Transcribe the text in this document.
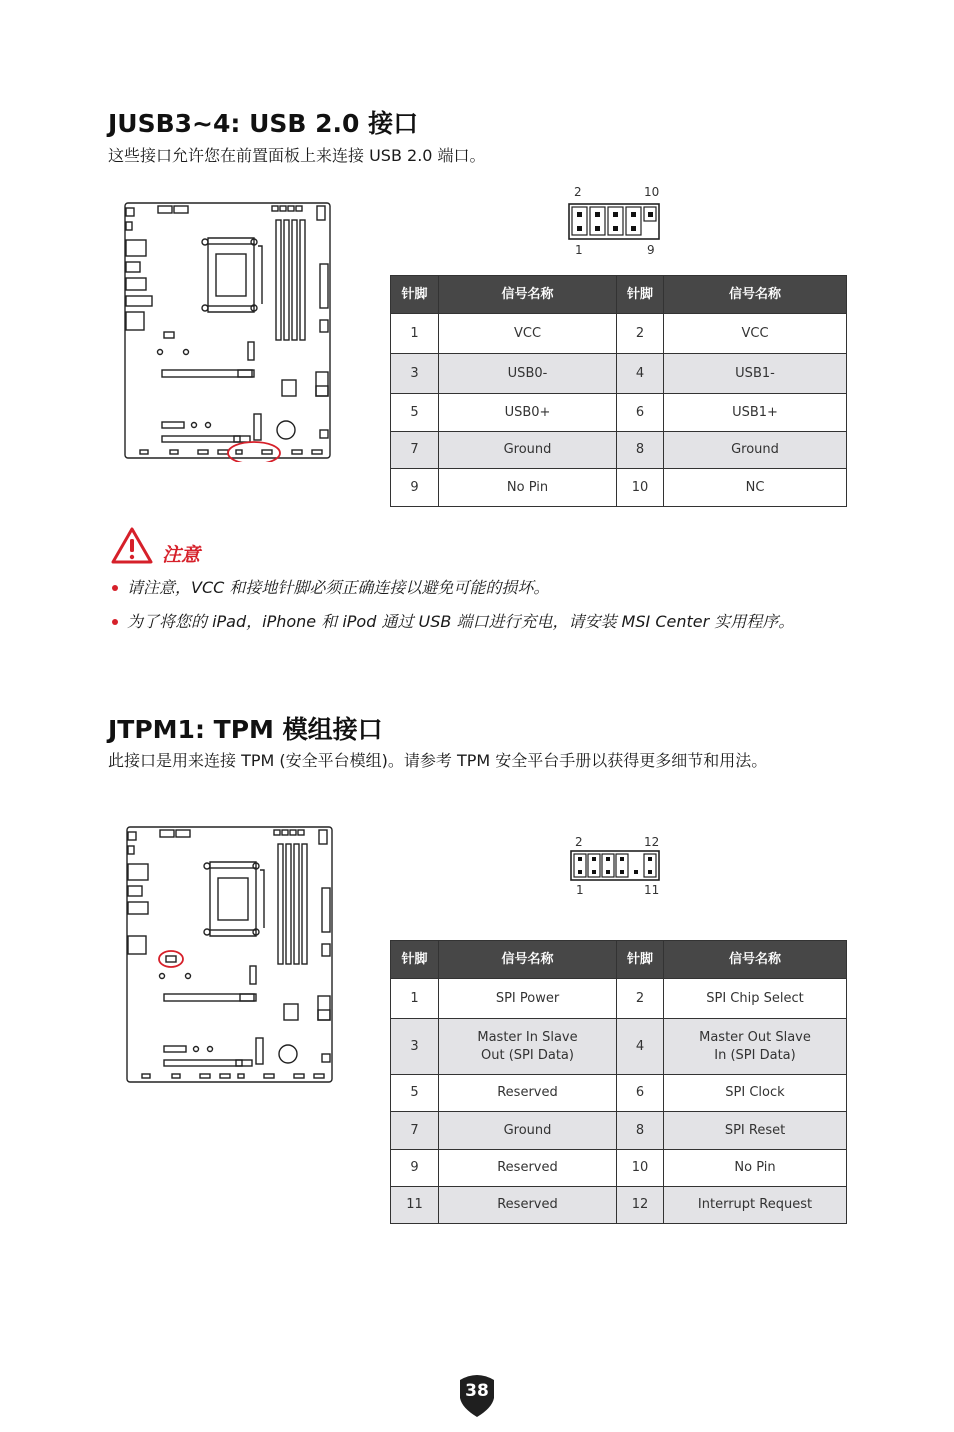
JUSB3~4: USB 2.0 接口
这些接口允许您在前置面板上来连接 USB 2.0 端口。
2	10
1	9
针脚	信号名称	针脚	信号名称
1	VCC	2	VCC
3	USB0-	4	USB1-
5	USB0+	6	USB1+
7	Ground	8	Ground
9	No Pin	10	NC
注意
请注意，VCC 和接地针脚必须正确连接以避免可能的损坏。
为了将您的 iPad，iPhone 和 iPod 通过 USB 端口进行充电，请安装 MSI Center 实用程序。
JTPM1: TPM 模组接口
此接口是用来连接 TPM (安全平台模组)。请参考 TPM 安全平台手册以获得更多细节和用法。
2	12
1	11
针脚	信号名称	针脚	信号名称
1	SPI Power	2	SPI Chip Select
3	Master In Slave Out (SPI Data)	4	Master Out Slave In (SPI Data)
5	Reserved	6	SPI Clock
7	Ground	8	SPI Reset
9	Reserved	10	No Pin
11	Reserved	12	Interrupt Request
38
